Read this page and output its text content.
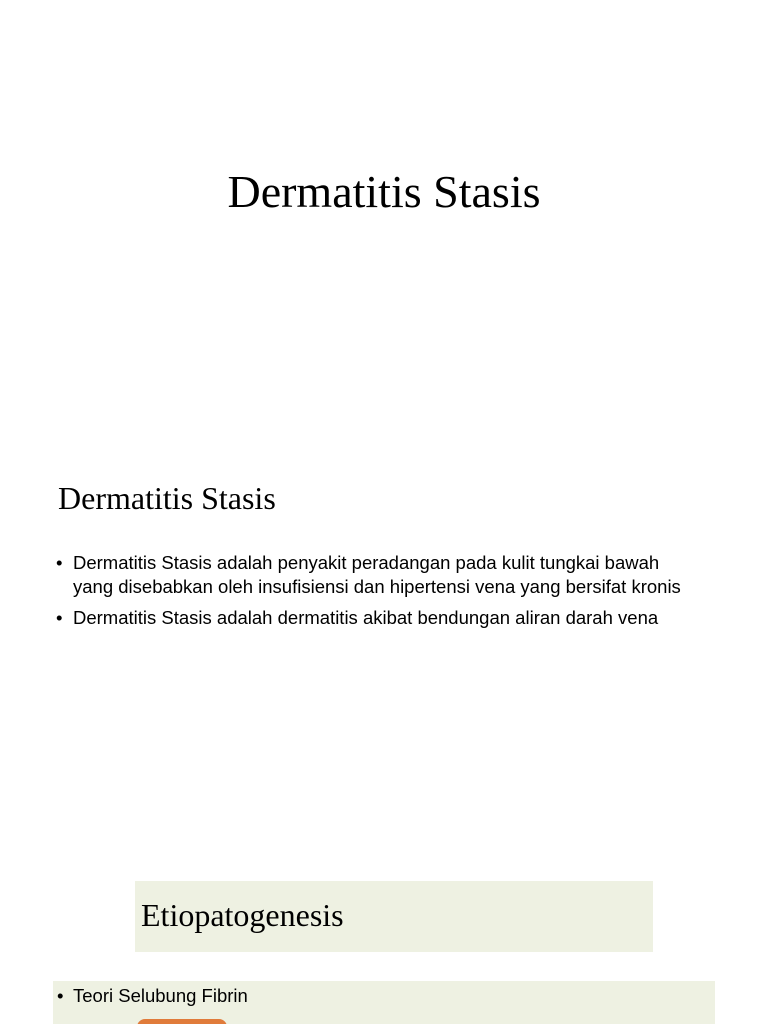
Dermatitis Stasis
Dermatitis Stasis
• Dermatitis Stasis adalah penyakit peradangan pada kulit tungkai bawah yang disebabkan oleh insufisiensi dan hipertensi vena yang bersifat kronis
• Dermatitis Stasis adalah dermatitis akibat bendungan aliran darah vena
Etiopatogenesis
• Teori Selubung Fibrin
